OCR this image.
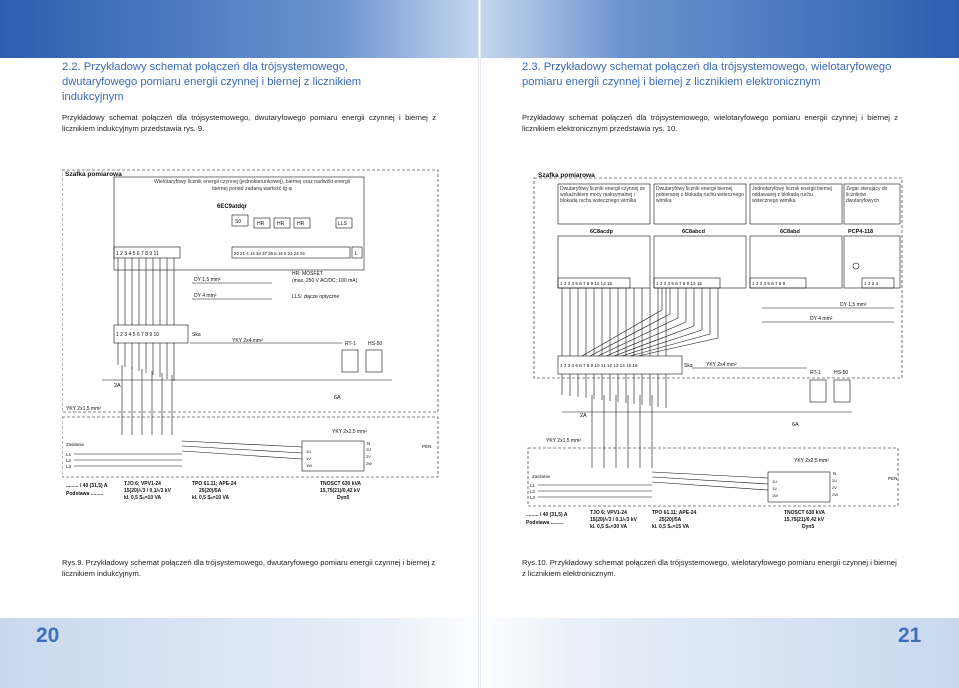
2.2. Przykładowy schemat połączeń dla trójsystemowego, dwutaryfowego pomiaru energii czynnej i biernej z licznikiem indukcyjnym
Przykładowy schemat połączeń dla trójsystemowego, dwutaryfowego pomiaru energii czynnej i biernej z licznikiem indukcyjnym przedstawia rys. 9.
Szafka pomiarowa
Wielotaryfowy licznik energii czynnej (jednokierunkowej), biernej oraz nadwżki energii biernej ponad zadaną wartość tg φ
6EC9atdqr
S0	HR	HR	HR	LLS
1 2 3 4 5 6 7 8 9 11	20 21 4 14 34 37 35 6 16 5 23 24 25	L
DY 1,5 mm²
DY 4 mm²
HR: MOSFET
(max. 250 V AC/DC; 100 mA)
LLS: złącze optyczne
1 2 3 4 5 6 7 8 9 10	Ska
YKY 2x4 mm²	RT-1 HS-50
2A
6A
YKY 2x1,5 mm²
YKY 2x2,5 mm²
Zasilanie
L1
L2
L3
1U
1V
1W
2U
2V
2W
N
PEN
......... / 40 (31,5) A
Podstawa .........
TJO 6; VPV1-24
15(20)/√3 / 0,1/√3 kV
kl. 0,5 Sₙ=10 VA
TPO 61.11; APE-24
25(20)/5A
kl. 0,5 Sₙ=10 VA
TNOSCT 630 kVA
15,75(21)/0,42 kV
Dyn5
Rys.9. Przykładowy schemat połączeń dla trójsystemowego, dwutaryfowego pomiaru energii czynnej i biernej z licznikiem indukcyjnym.
20
2.3. Przykładowy schemat połączeń dla trójsystemowego, wielotaryfowego pomiaru energii czynnej i biernej z licznikiem elektronicznym
Przykładowy schemat połączeń dla trójsystemowego, wielotaryfowego pomiaru energii czynnej i biernej z licznikiem elektronicznym przedstawia rys. 10.
Szafka pomiarowa
Dwutaryfowy licznik energii czynnej ze wskaźnikiem mocy maksymalnej i blokadą ruchu wstecznego wirnika
Dwutaryfowy licznik energii biernej pobieranej z blokadą ruchu wstecznego wirnika
Jednotaryfowy licznik energii biernej oddawanej z blokadą ruchu wstecznego wirnika
Zegar sterujący do liczników dwutaryfowych
6C8acdp	6C8abcd	6C8abd	PCP4-118
1 2 3 4 5 6 7 8 9 11 13 15	1 2 3 4 5 6 7 8 9 13 15	1 2 3 4 5 6 7 8 9	1 2 3 4
DY 1,5 mm²
DY 4 mm²
1 2 3 4 5 6 7 8 9 10 11 12 13 14 15 16	Ska	YKY 2x4 mm²
RT-1	HS-50
2A
6A
YKY 2x1,5 mm²
YKY 2x2,5 mm²
Zasilanie
L1
L2
L3
1U
1V
1W
2U
2V
2W
N
PEN
......... / 40 (31,5) A
Podstawa .........
TJO 6; VPV1-24
15(20)/√3 / 0,1/√3 kV
kl. 0,5 Sₙ=30 VA
TPO 61.11; APE-24
25(20)/5A
kl. 0,5 Sₙ=15 VA
TNOSCT 630 kVA
15,75(21)/0,42 kV
Dyn5
Rys.10. Przykładowy schemat połączeń dla trójsystemowego, wielotaryfowego pomiaru energii czynnej i biernej z licznikiem elektronicznym.
21
